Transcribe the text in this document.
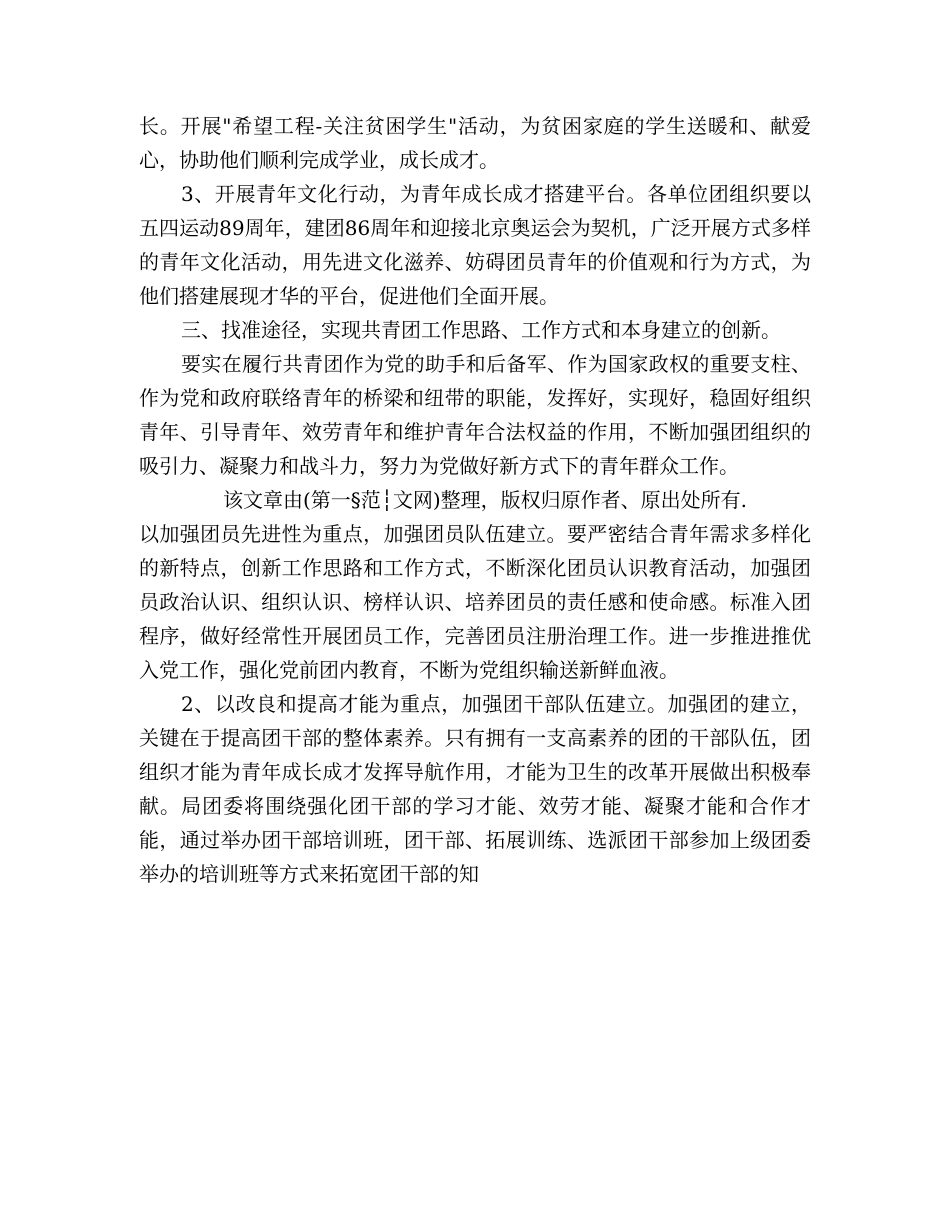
长。开展"希望工程-关注贫困学生"活动，为贫困家庭的学生送暖和、献爱心，协助他们顺利完成学业，成长成才。

3、开展青年文化行动，为青年成长成才搭建平台。各单位团组织要以五四运动89周年，建团86周年和迎接北京奥运会为契机，广泛开展方式多样的青年文化活动，用先进文化滋养、妨碍团员青年的价值观和行为方式，为他们搭建展现才华的平台，促进他们全面开展。

三、找准途径，实现共青团工作思路、工作方式和本身建立的创新。

要实在履行共青团作为党的助手和后备军、作为国家政权的重要支柱、作为党和政府联络青年的桥梁和纽带的职能，发挥好，实现好，稳固好组织青年、引导青年、效劳青年和维护青年合法权益的作用，不断加强团组织的吸引力、凝聚力和战斗力，努力为党做好新方式下的青年群众工作。

该文章由(第一§范┆文网)整理，版权归原作者、原出处所有.

以加强团员先进性为重点，加强团员队伍建立。要严密结合青年需求多样化的新特点，创新工作思路和工作方式，不断深化团员认识教育活动，加强团员政治认识、组织认识、榜样认识、培养团员的责任感和使命感。标准入团程序，做好经常性开展团员工作，完善团员注册治理工作。进一步推进推优入党工作，强化党前团内教育，不断为党组织输送新鲜血液。

2、以改良和提高才能为重点，加强团干部队伍建立。加强团的建立，关键在于提高团干部的整体素养。只有拥有一支高素养的团的干部队伍，团组织才能为青年成长成才发挥导航作用，才能为卫生的改革开展做出积极奉献。局团委将围绕强化团干部的学习才能、效劳才能、凝聚才能和合作才能，通过举办团干部培训班，团干部、拓展训练、选派团干部参加上级团委举办的培训班等方式来拓宽团干部的知
